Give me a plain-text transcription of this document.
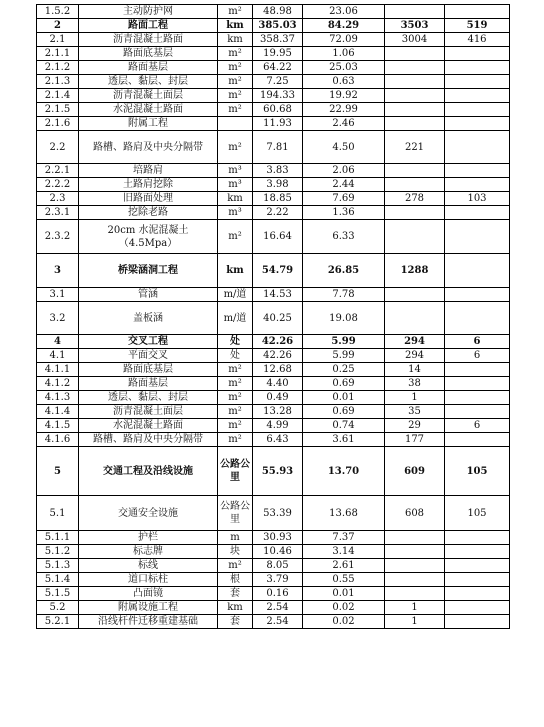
1.5.2	主动防护网	m²	48.98	23.06		
2	路面工程	km	385.03	84.29	3503	519
2.1	沥青混凝土路面	km	358.37	72.09	3004	416
2.1.1	路面底基层	m²	19.95	1.06		
2.1.2	路面基层	m²	64.22	25.03		
2.1.3	透层、黏层、封层	m²	7.25	0.63		
2.1.4	沥青混凝土面层	m²	194.33	19.92		
2.1.5	水泥混凝土路面	m²	60.68	22.99		
2.1.6	附属工程		11.93	2.46		
2.2	路槽、路肩及中央分隔带	m²	7.81	4.50	221	
2.2.1	培路肩	m³	3.83	2.06		
2.2.2	土路肩挖除	m³	3.98	2.44		
2.3	旧路面处理	km	18.85	7.69	278	103
2.3.1	挖除老路	m³	2.22	1.36		
2.3.2	20cm 水泥混凝土（4.5Mpa）	m²	16.64	6.33		
3	桥梁涵洞工程	km	54.79	26.85	1288	
3.1	管涵	m/道	14.53	7.78		
3.2	盖板涵	m/道	40.25	19.08		
4	交叉工程	处	42.26	5.99	294	6
4.1	平面交叉	处	42.26	5.99	294	6
4.1.1	路面底基层	m²	12.68	0.25	14	
4.1.2	路面基层	m²	4.40	0.69	38	
4.1.3	透层、黏层、封层	m²	0.49	0.01	1	
4.1.4	沥青混凝土面层	m²	13.28	0.69	35	
4.1.5	水泥混凝土路面	m²	4.99	0.74	29	6
4.1.6	路槽、路肩及中央分隔带	m²	6.43	3.61	177	
5	交通工程及沿线设施	公路公里	55.93	13.70	609	105
5.1	交通安全设施	公路公里	53.39	13.68	608	105
5.1.1	护栏	m	30.93	7.37		
5.1.2	标志牌	块	10.46	3.14		
5.1.3	标线	m²	8.05	2.61		
5.1.4	道口标柱	根	3.79	0.55		
5.1.5	凸面镜	套	0.16	0.01		
5.2	附属设施工程	km	2.54	0.02	1	
5.2.1	沿线杆件迁移重建基础	套	2.54	0.02	1	
